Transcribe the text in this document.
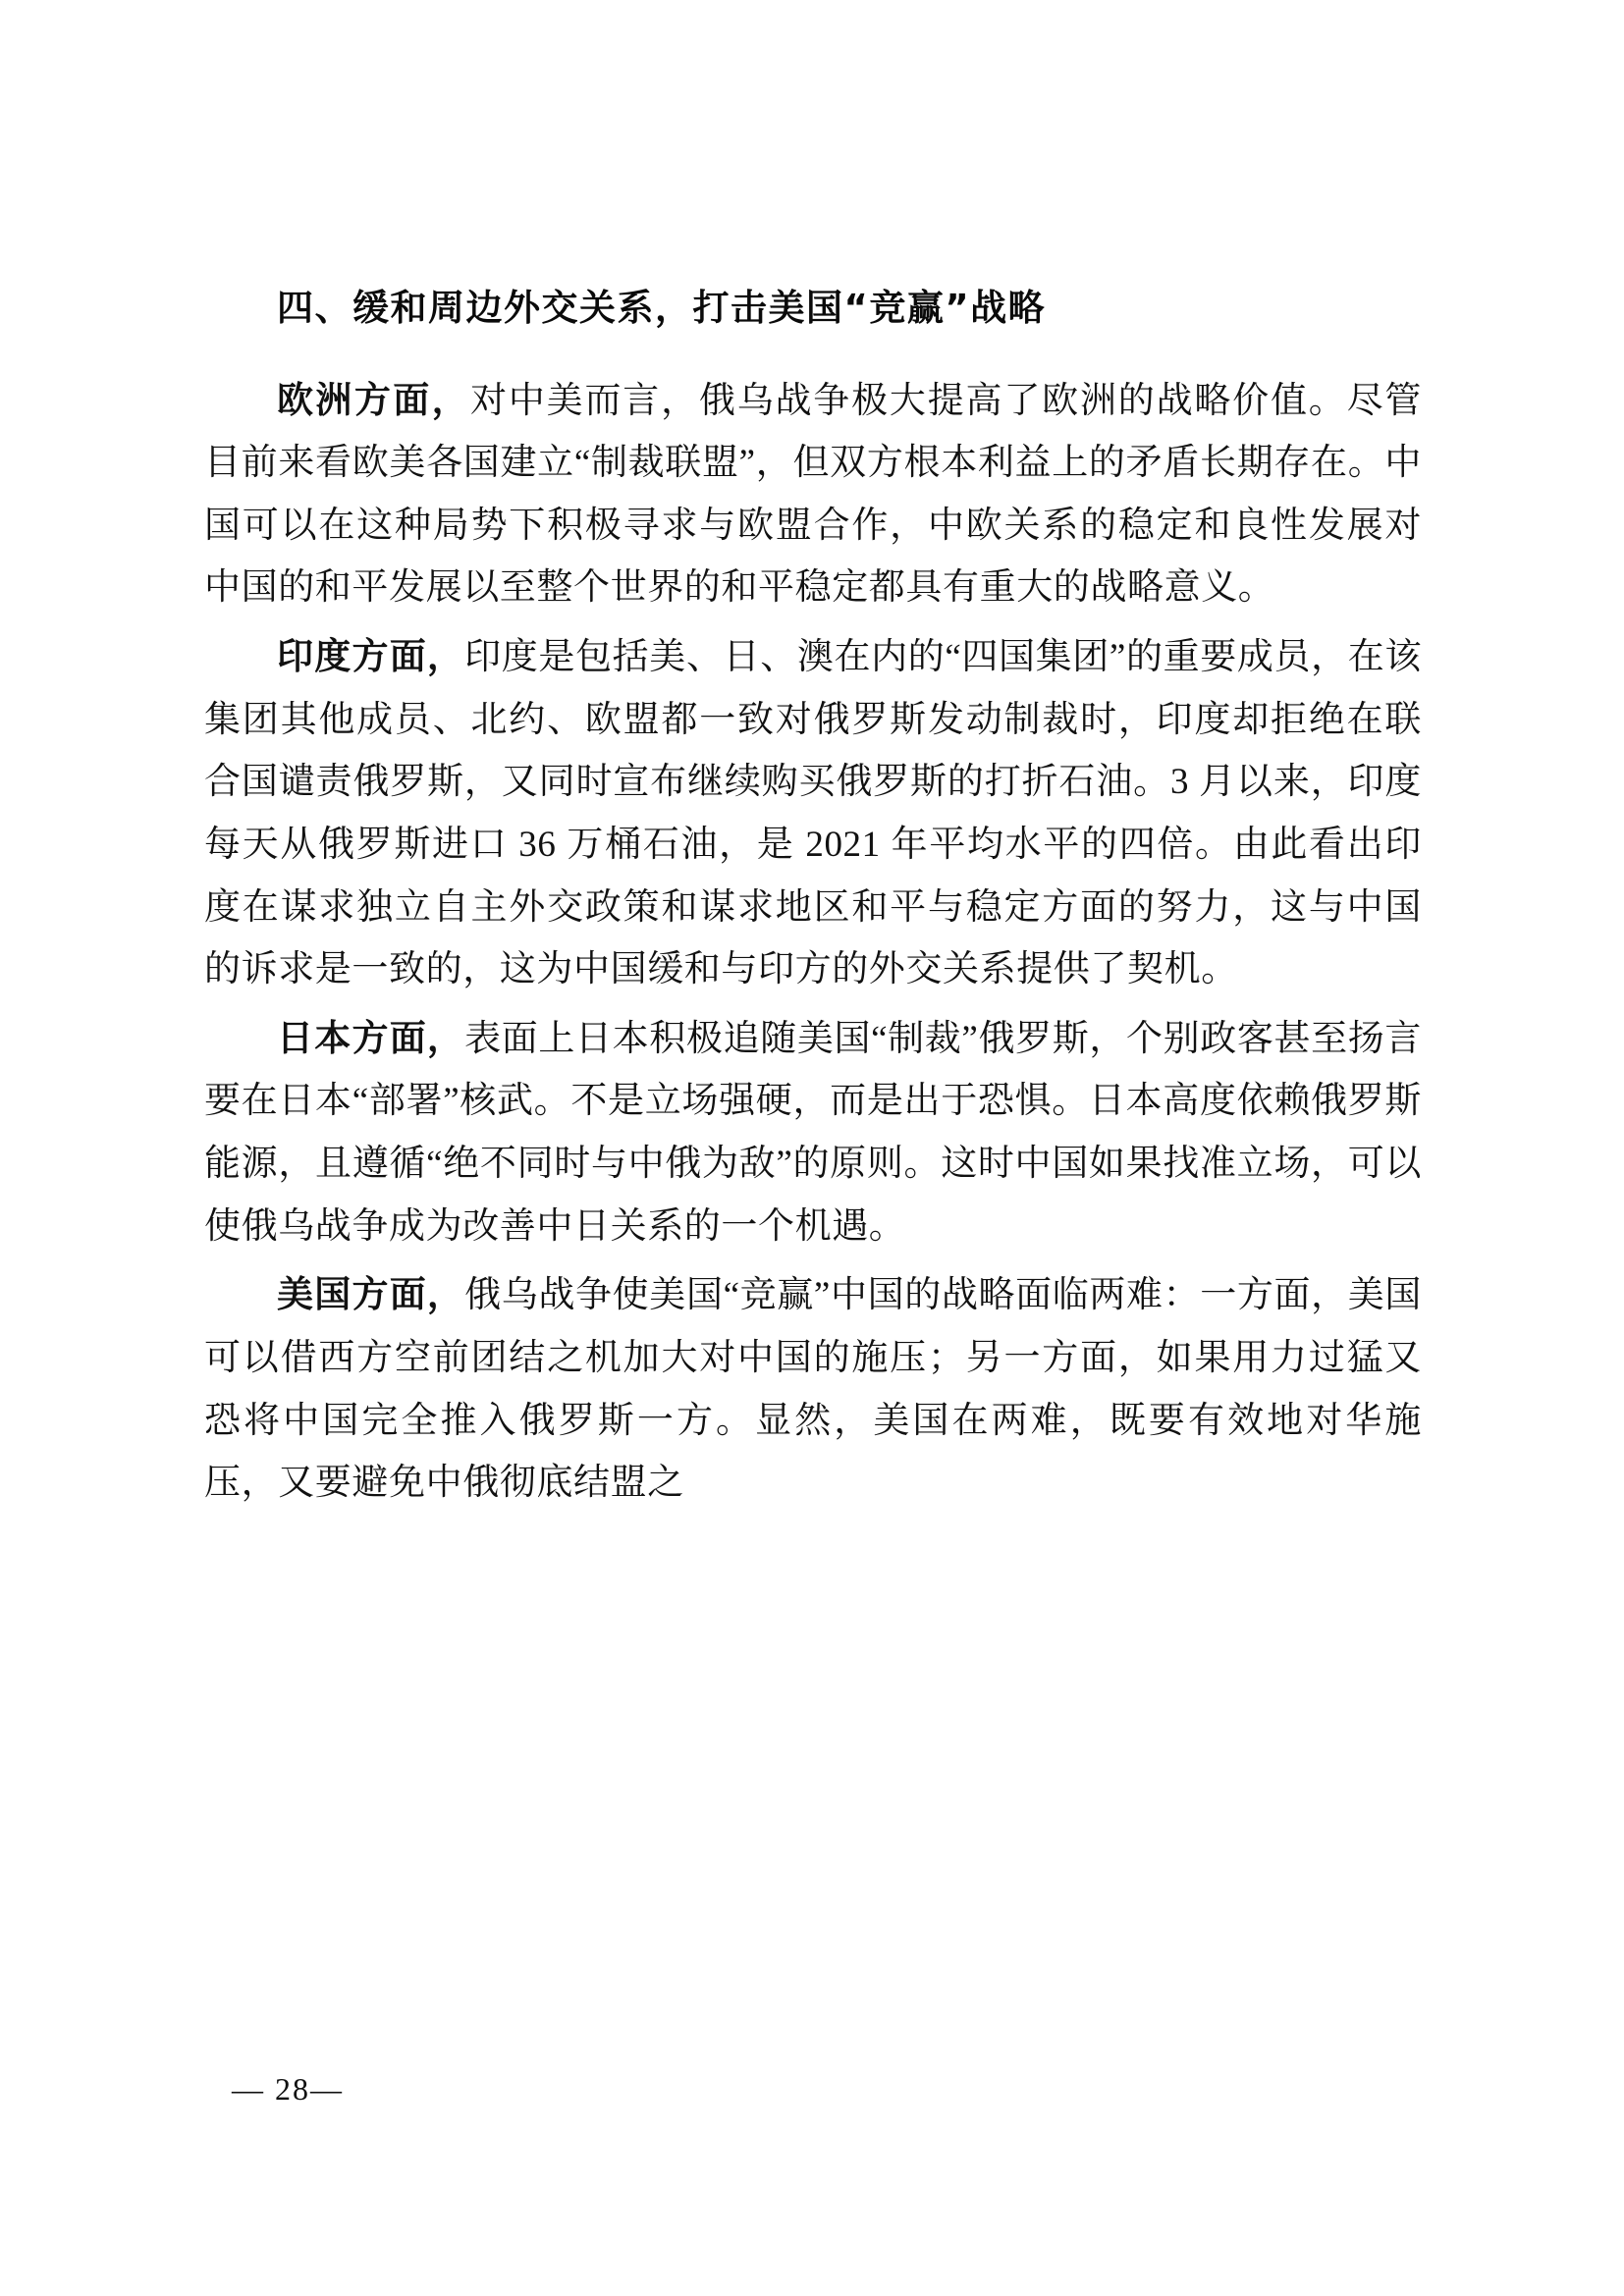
四、缓和周边外交关系，打击美国“竞赢”战略

欧洲方面，对中美而言，俄乌战争极大提高了欧洲的战略价值。尽管目前来看欧美各国建立“制裁联盟”，但双方根本利益上的矛盾长期存在。中国可以在这种局势下积极寻求与欧盟合作，中欧关系的稳定和良性发展对中国的和平发展以至整个世界的和平稳定都具有重大的战略意义。

印度方面，印度是包括美、日、澳在内的“四国集团”的重要成员，在该集团其他成员、北约、欧盟都一致对俄罗斯发动制裁时，印度却拒绝在联合国谴责俄罗斯，又同时宣布继续购买俄罗斯的打折石油。3 月以来，印度每天从俄罗斯进口 36 万桶石油，是 2021 年平均水平的四倍。由此看出印度在谋求独立自主外交政策和谋求地区和平与稳定方面的努力，这与中国的诉求是一致的，这为中国缓和与印方的外交关系提供了契机。

日本方面，表面上日本积极追随美国“制裁”俄罗斯，个别政客甚至扬言要在日本“部署”核武。不是立场强硬，而是出于恐惧。日本高度依赖俄罗斯能源，且遵循“绝不同时与中俄为敌”的原则。这时中国如果找准立场，可以使俄乌战争成为改善中日关系的一个机遇。

美国方面，俄乌战争使美国“竞赢”中国的战略面临两难：一方面，美国可以借西方空前团结之机加大对中国的施压；另一方面，如果用力过猛又恐将中国完全推入俄罗斯一方。显然，美国在两难，既要有效地对华施压，又要避免中俄彻底结盟之

— 28—
